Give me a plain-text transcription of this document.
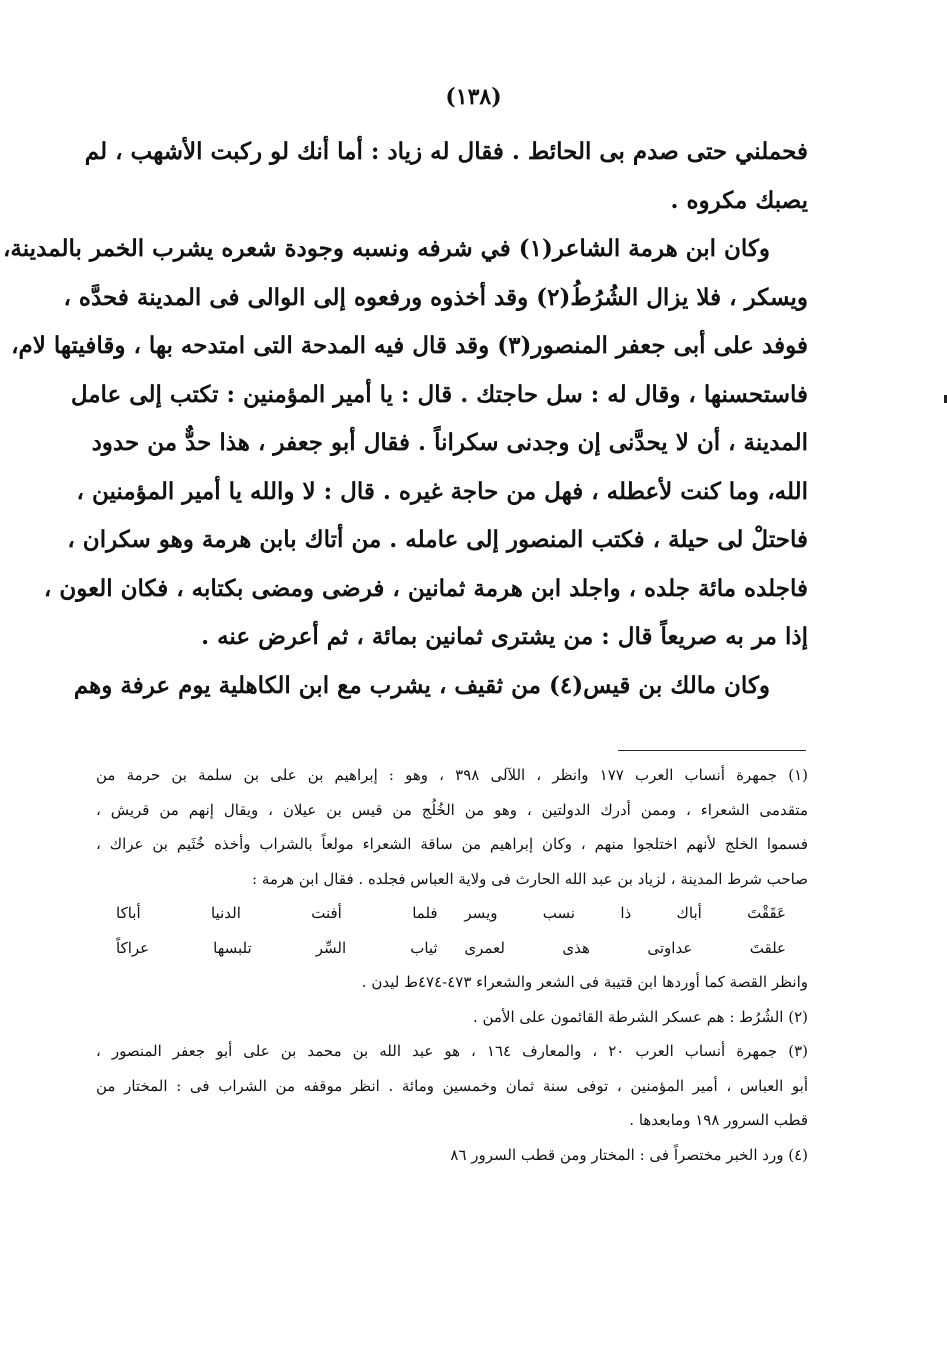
(١٣٨)
فحملني حتى صدم بى الحائط . فقال له زياد : أما أنك لو ركبت الأشهب ، لم
يصبك مكروه .
وكان ابن هرمة الشاعر(١) في شرفه ونسبه وجودة شعره يشرب الخمر بالمدينة،
ويسكر ، فلا يزال الشُرُطُ(٢) وقد أخذوه ورفعوه إلى الوالى فى المدينة فحدَّه ،
فوفد على أبى جعفر المنصور(٣) وقد قال فيه المدحة التى امتدحه بها ، وقافيتها لام،
فاستحسنها ، وقال له : سل حاجتك . قال : يا أمير المؤمنين : تكتب إلى عامل
المدينة ، أن لا يحدَّنى إن وجدنى سكراناً . فقال أبو جعفر ، هذا حدٌّ من حدود
الله، وما كنت لأعطله ، فهل من حاجة غيره . قال : لا والله يا أمير المؤمنين ،
فاحتلْ لى حيلة ، فكتب المنصور إلى عامله . من أتاك بابن هرمة وهو سكران ،
فاجلده مائة جلده ، واجلد ابن هرمة ثمانين ، فرضى ومضى بكتابه ، فكان العون ،
إذا مر به صريعاً قال : من يشترى ثمانين بمائة ، ثم أعرض عنه .
وكان مالك بن قيس(٤) من ثقيف ، يشرب مع ابن الكاهلية يوم عرفة وهم
(١) جمهرة أنساب العرب ١٧٧ وانظر ، اللآلى ٣٩٨ ، وهو : إبراهيم بن على بن سلمة بن حرمة من
متقدمى الشعراء ، وممن أدرك الدولتين ، وهو من الخُلُج من قيس بن عيلان ، ويقال إنهم من قريش ،
فسموا الخلج لأنهم اختلجوا منهم ، وكان إبراهيم من ساقة الشعراء مولعاً بالشراب وأخذه خُثَيم بن عراك ،
صاحب شرط المدينة ، لزياد بن عبد الله الحارث فى ولاية العباس فجلده . فقال ابن هرمة :
عَقَقْتَ أباك ذا نسب ويسر
فلما أفنت الدنيا أباكا
علقتَ عداوتى هذى لعمرى
ثياب السِّر تلبسها عراكاً
وانظر القصة كما أوردها ابن قتيبة فى الشعر والشعراء ٤٧٣-٤٧٤ط ليدن .
(٢) الشُرُط : هم عسكر الشرطة القائمون على الأمن .
(٣) جمهرة أنساب العرب ٢٠ ، والمعارف ١٦٤ ، هو عبد الله بن محمد بن على أبو جعفر المنصور ،
أبو العباس ، أمير المؤمنين ، توفى سنة ثمان وخمسين ومائة . انظر موقفه من الشراب فى : المختار من
قطب السرور ١٩٨ ومابعدها .
(٤) ورد الخبر مختصراً فى : المختار ومن قطب السرور ٨٦
